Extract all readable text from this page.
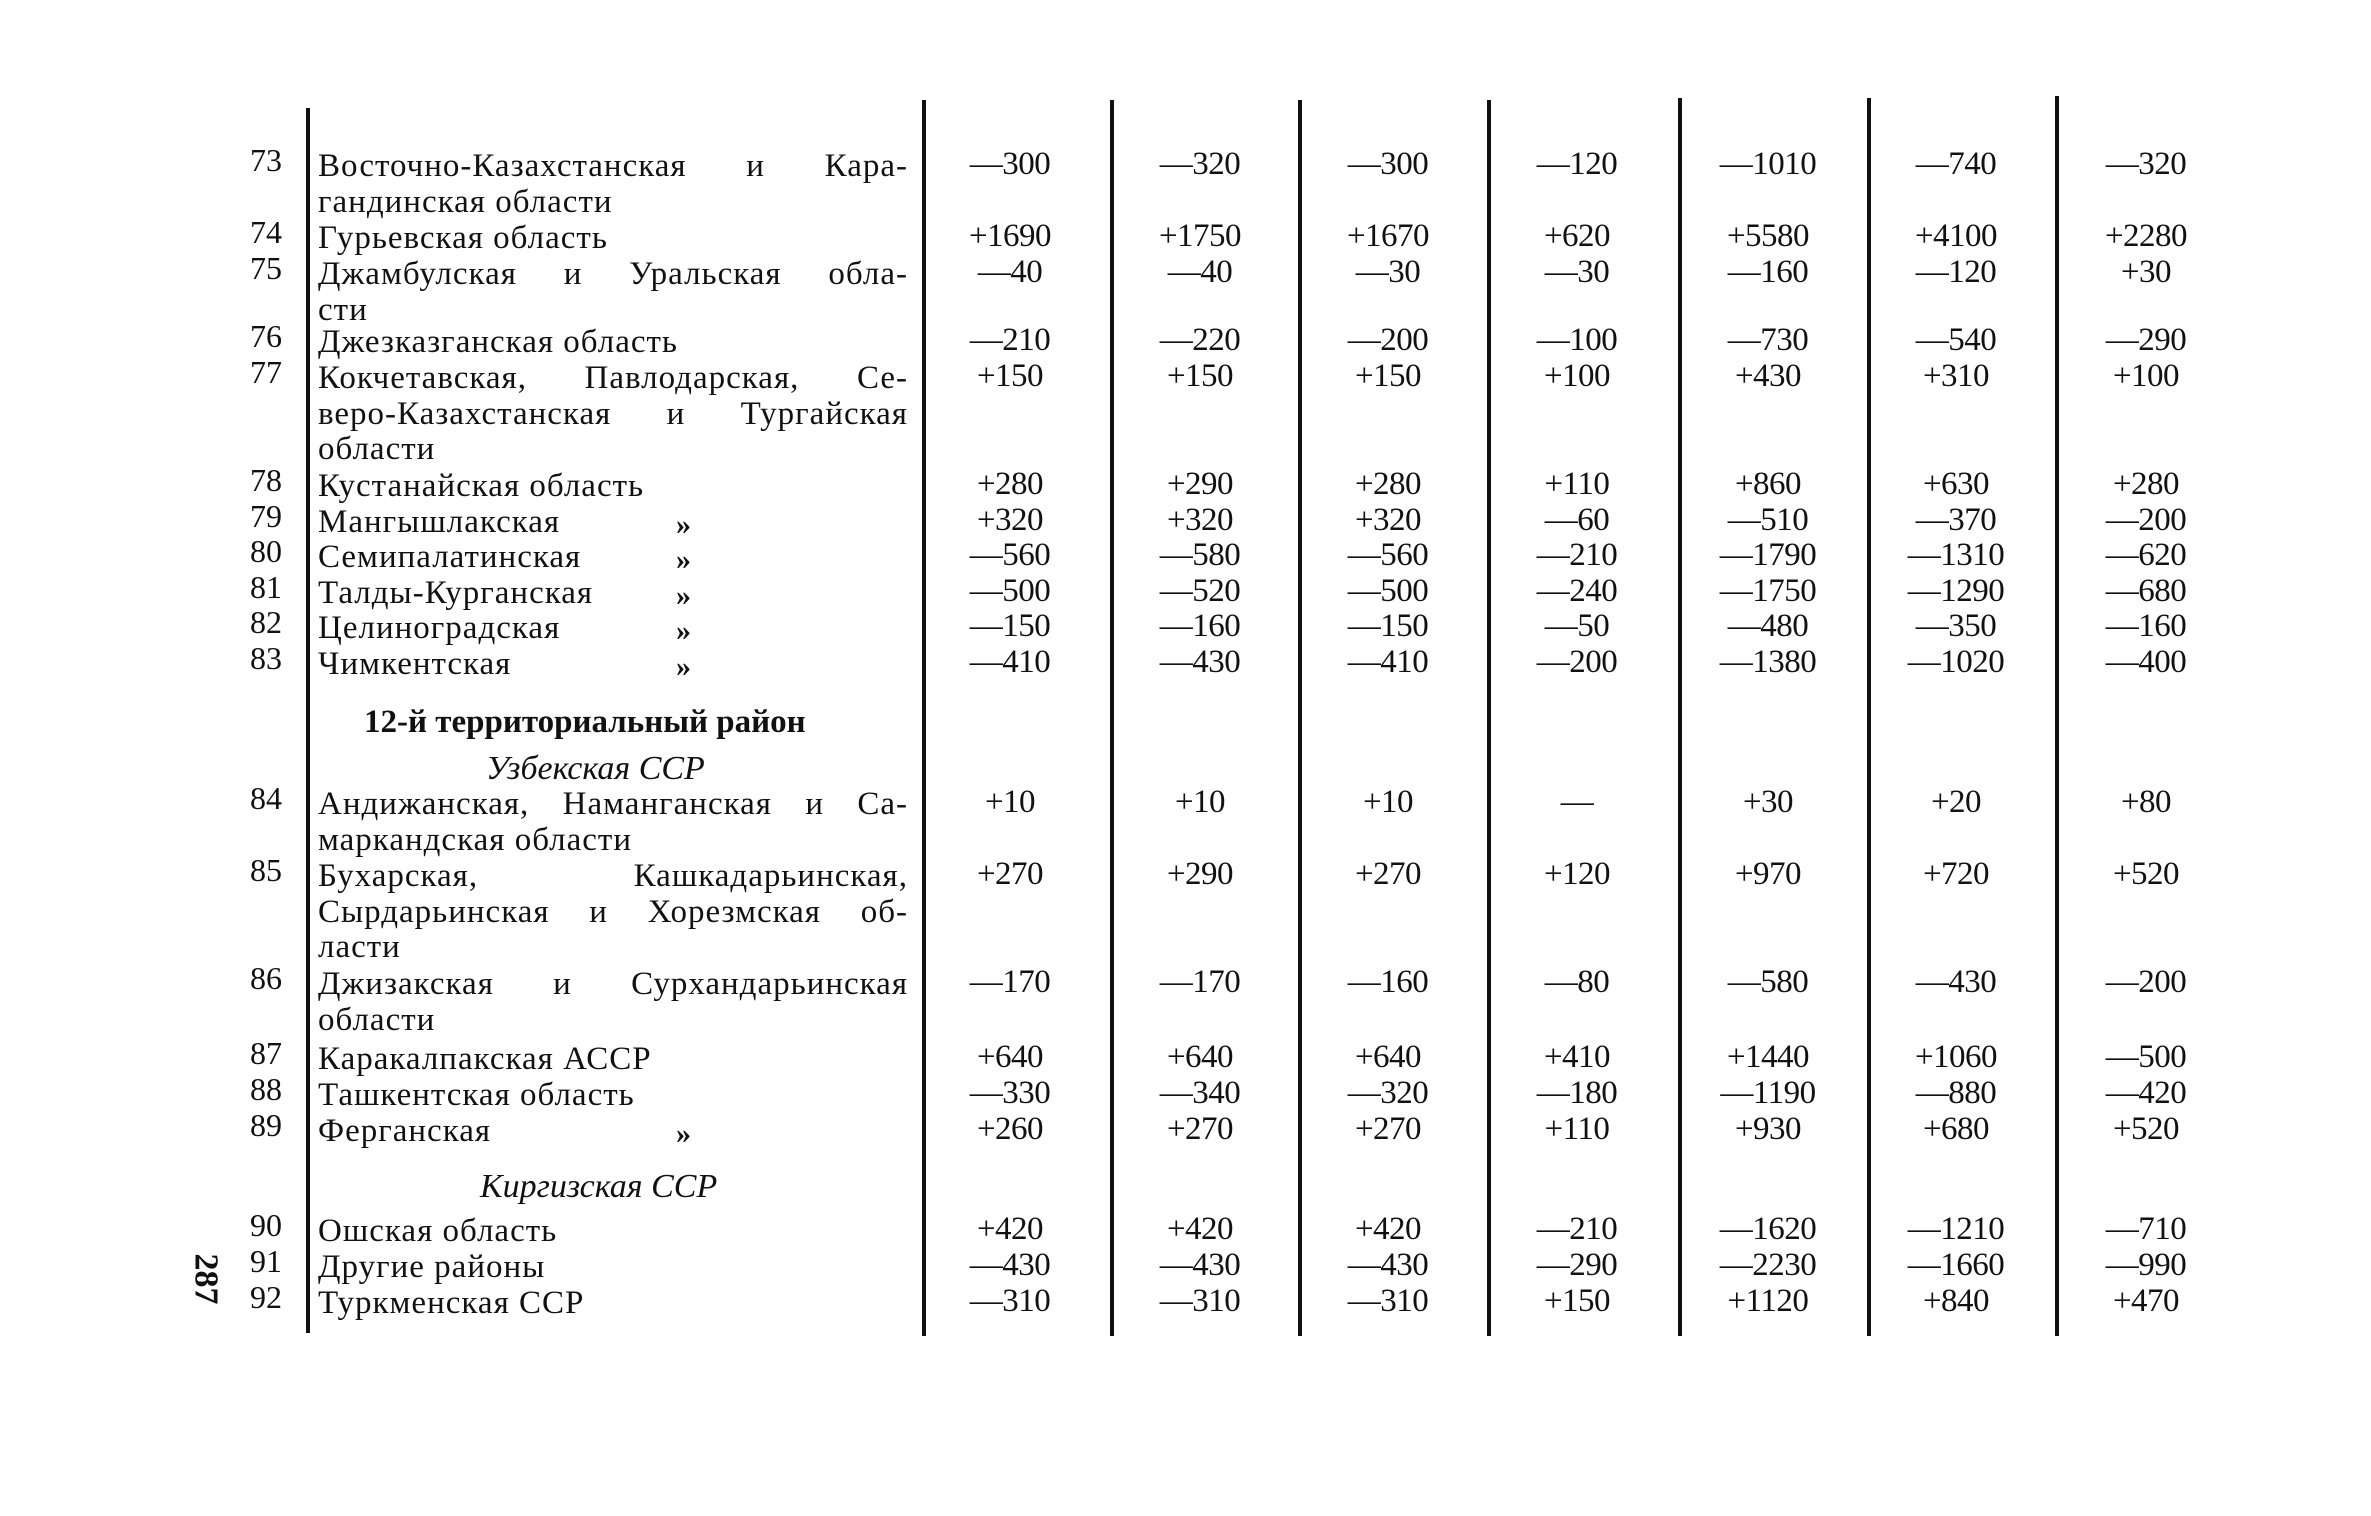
73 Восточно-Казахстанская и Кара-
гандинская области
—300	—320	—300	—120	—1010	—740	—320
74 Гурьевская область	+1690	+1750	+1670	+620	+5580	+4100	+2280
75 Джамбулская и Уральская обла-
сти
—40	—40	—30	—30	—160	—120	+30
76 Джезказганская область	—210	—220	—200	—100	—730	—540	—290
77 Кокчетавская, Павлодарская, Се-
веро-Казахстанская и Тургайская
области
+150	+150	+150	+100	+430	+310	+100
78 Кустанайская область	+280	+290	+280	+110	+860	+630	+280
79 Мангышлакская	»	+320	+320	+320	—60	—510	—370	—200
80 Семипалатинская	»	—560	—580	—560	—210	—1790	—1310	—620
81 Талды-Курганская	»	—500	—520	—500	—240	—1750	—1290	—680
82 Целиноградская	»	—150	—160	—150	—50	—480	—350	—160
83 Чимкентская	»	—410	—430	—410	—200	—1380	—1020	—400
12-й территориальный район
Узбекская ССР
84 Андижанская, Наманганская и Са-
маркандская области
+10	+10	+10	—	+30	+20	+80
85 Бухарская, Кашкадарьинская,
Сырдарьинская и Хорезмская об-
ласти
+270	+290	+270	+120	+970	+720	+520
86 Джизакская и Сурхандарьинская
области
—170	—170	—160	—80	—580	—430	—200
87 Каракалпакская АССР	+640	+640	+640	+410	+1440	+1060	—500
88 Ташкентская область	—330	—340	—320	—180	—1190	—880	—420
89 Ферганская	»	+260	+270	+270	+110	+930	+680	+520
Киргизская ССР
90 Ошская область	+420	+420	+420	—210	—1620	—1210	—710
91 Другие районы	—430	—430	—430	—290	—2230	—1660	—990
92 Туркменская ССР	—310	—310	—310	+150	+1120	+840	+470
287
